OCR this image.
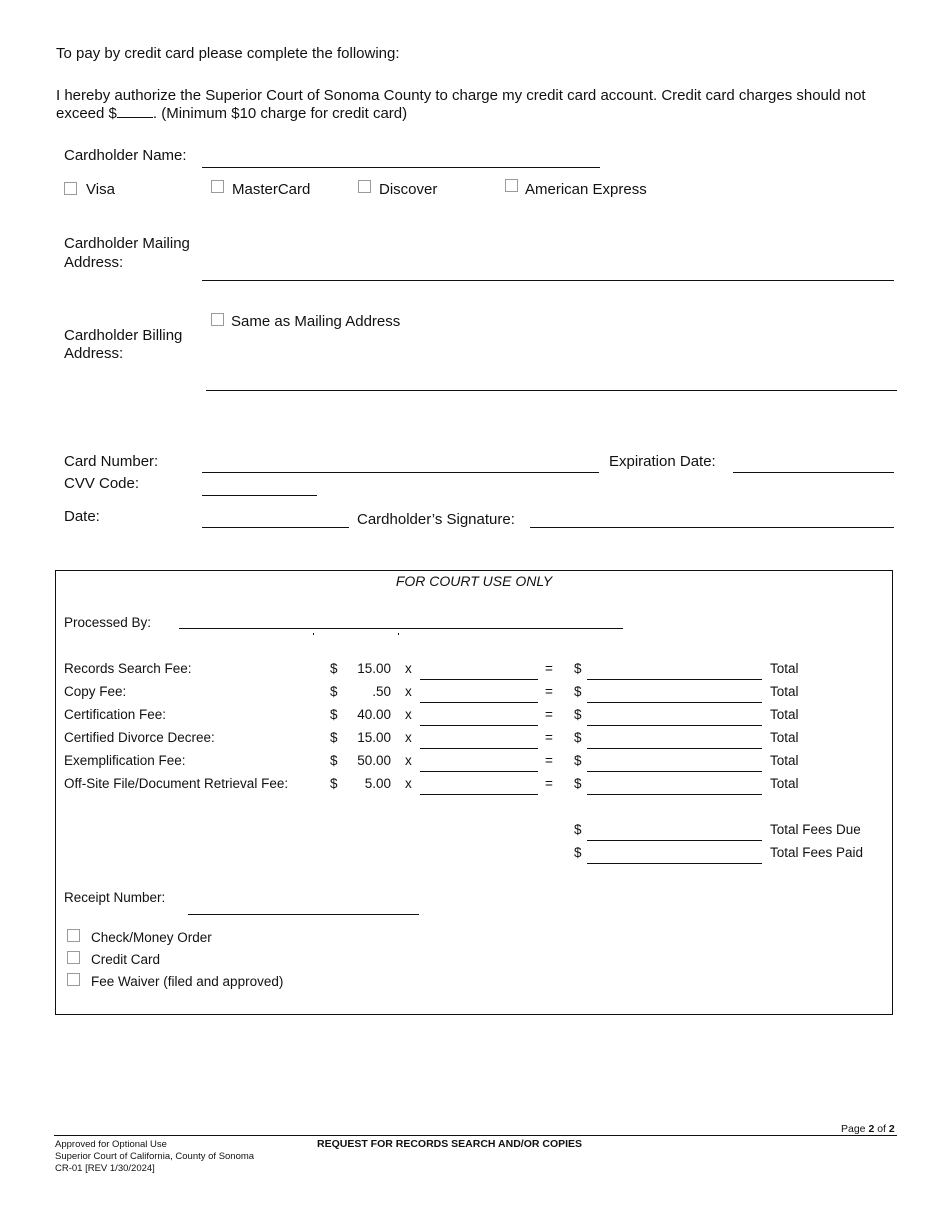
To pay by credit card please complete the following:
I hereby authorize the Superior Court of Sonoma County to charge my credit card account. Credit card charges should not exceed $ . (Minimum $10 charge for credit card)
Cardholder Name:
Visa	MasterCard	Discover	American Express
Cardholder Mailing
Address:
Same as Mailing Address
Cardholder Billing
Address:
Card Number:	Expiration Date:
CVV Code:
Date:	Cardholder’s Signature:
FOR COURT USE ONLY
Processed By:
Records Search Fee:	$	15.00 x	= $	Total
Copy Fee:	$	.50 x	= $	Total
Certification Fee:	$	40.00 x	= $	Total
Certified Divorce Decree:	$	15.00 x	= $	Total
Exemplification Fee:	$	50.00 x	= $	Total
Off-Site File/Document Retrieval Fee:	$	5.00 x	= $	Total
$	Total Fees Due
$	Total Fees Paid
Receipt Number:
Check/Money Order
Credit Card
Fee Waiver (filed and approved)
Page 2 of 2
Approved for Optional Use
Superior Court of California, County of Sonoma
CR-01 [REV 1/30/2024]
REQUEST FOR RECORDS SEARCH AND/OR COPIES
